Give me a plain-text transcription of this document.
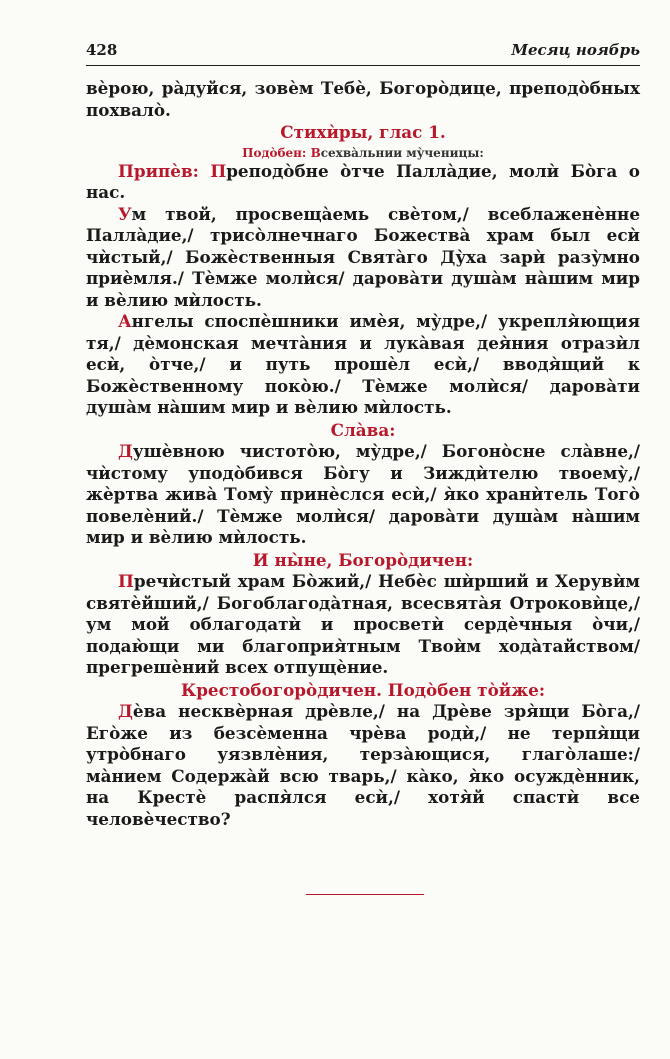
428	Месяц ноябрь

вѐрою, ра̀дуйся, зовѐм Тебѐ, Богоро̀дице, преподо̀бных похвало̀.

Стихѝры, глас 1.

Подо̀бен: Всехва̀льнии му̀ченицы:

Припѐв: Преподо̀бне о̀тче Палла̀дие, молѝ Бо̀га о нас.

Ум твой, просвеща̀емь свѐтом,/ всеблаженѐнне Палла̀дие,/ трисо̀лнечнаго Божества̀ храм был есѝ чѝстый,/ Божѐственныя Свята̀го Ду̀ха зарѝ разу̀мно приѐмля./ Тѐмже молѝся/ дарова̀ти душа̀м на̀шим мир и вѐлию мѝлость.

Ангелы споспѐшники имѐя, му̀дре,/ укрепля̀ющия тя,/ дѐмонская мечта̀ния и лука̀вая дея̀ния отразѝл есѝ, о̀тче,/ и путь прошѐл есѝ,/ вводя̀щий к Божѐственному поко̀ю./ Тѐмже молѝся/ дарова̀ти душа̀м на̀шим мир и вѐлию мѝлость.

Сла̀ва:

Душѐвною чистото̀ю, му̀дре,/ Богоно̀сне сла̀вне,/ чѝстому уподо̀бився Бо̀гу и Зиждѝтелю твоему̀,/ жѐртва жива̀ Тому̀ принѐслся есѝ,/ я̀ко хранѝтель Того̀ повелѐний./ Тѐмже молѝся/ дарова̀ти душа̀м на̀шим мир и вѐлию мѝлость.

И ны̀не, Богоро̀дичен:

Пречѝстый храм Бо̀жий,/ Небѐс шѝрший и Херувѝм святѐйший,/ Богоблагода̀тная, всесвята̀я Отроковѝце,/ ум мой облагодатѝ и просветѝ сердѐчныя о̀чи,/ подаю̀щи ми благоприя̀тным Твоѝм хода̀тайством/ прегрешѐний всех отпущѐние.

Крестобогоро̀дичен. Подо̀бен то̀йже:

Дѐва несквѐрная дрѐвле,/ на Дрѐве зря̀щи Бо̀га,/ Его̀же из безсѐменна чрѐва родѝ,/ не терпя̀щи утро̀бнаго уязвлѐния, терза̀ющися, глаго̀лаше:/ ма̀нием Содержа̀й всю тварь,/ ка̀ко, я̀ко осуждѐнник, на Крестѐ распя̀лся есѝ,/ хотя̀й спастѝ все человѐчество?
